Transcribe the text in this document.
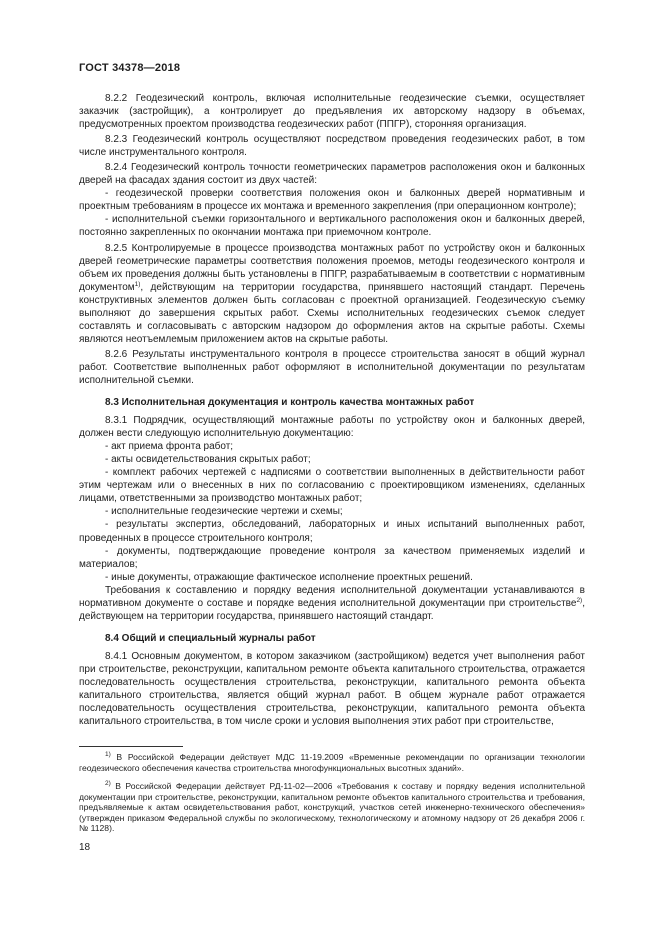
ГОСТ 34378—2018

8.2.2 Геодезический контроль, включая исполнительные геодезические съемки, осуществляет заказчик (застройщик), а контролирует до предъявления их авторскому надзору в объемах, предусмотренных проектом производства геодезических работ (ППГР), сторонняя организация.

8.2.3 Геодезический контроль осуществляют посредством проведения геодезических работ, в том числе инструментального контроля.

8.2.4 Геодезический контроль точности геометрических параметров расположения окон и балконных дверей на фасадах здания состоит из двух частей:

- геодезической проверки соответствия положения окон и балконных дверей нормативным и проектным требованиям в процессе их монтажа и временного закрепления (при операционном контроле);

- исполнительной съемки горизонтального и вертикального расположения окон и балконных дверей, постоянно закрепленных по окончании монтажа при приемочном контроле.

8.2.5 Контролируемые в процессе производства монтажных работ по устройству окон и балконных дверей геометрические параметры соответствия положения проемов, методы геодезического контроля и объем их проведения должны быть установлены в ППГР, разрабатываемым в соответствии с нормативным документом$^{1)}$, действующим на территории государства, принявшего настоящий стандарт. Перечень конструктивных элементов должен быть согласован с проектной организацией. Геодезическую съемку выполняют до завершения скрытых работ. Схемы исполнительных геодезических съемок следует составлять и согласовывать с авторским надзором до оформления актов на скрытые работы. Схемы являются неотъемлемым приложением актов на скрытые работы.

8.2.6 Результаты инструментального контроля в процессе строительства заносят в общий журнал работ. Соответствие выполненных работ оформляют в исполнительной документации по результатам исполнительной съемки.

8.3 Исполнительная документация и контроль качества монтажных работ

8.3.1 Подрядчик, осуществляющий монтажные работы по устройству окон и балконных дверей, должен вести следующую исполнительную документацию:

- акт приема фронта работ;

- акты освидетельствования скрытых работ;

- комплект рабочих чертежей с надписями о соответствии выполненных в действительности работ этим чертежам или о внесенных в них по согласованию с проектировщиком изменениях, сделанных лицами, ответственными за производство монтажных работ;

- исполнительные геодезические чертежи и схемы;

- результаты экспертиз, обследований, лабораторных и иных испытаний выполненных работ, проведенных в процессе строительного контроля;

- документы, подтверждающие проведение контроля за качеством применяемых изделий и материалов;

- иные документы, отражающие фактическое исполнение проектных решений.

Требования к составлению и порядку ведения исполнительной документации устанавливаются в нормативном документе о составе и порядке ведения исполнительной документации при строительстве$^{2)}$, действующем на территории государства, принявшего настоящий стандарт.

8.4 Общий и специальный журналы работ

8.4.1 Основным документом, в котором заказчиком (застройщиком) ведется учет выполнения работ при строительстве, реконструкции, капитальном ремонте объекта капитального строительства, отражается последовательность осуществления строительства, реконструкции, капитального ремонта объекта капитального строительства, является общий журнал работ. В общем журнале работ отражается последовательность осуществления строительства, реконструкции, капитального ремонта объекта капитального строительства, в том числе сроки и условия выполнения этих работ при строительстве,

$^{1)}$ В Российской Федерации действует МДС 11-19.2009 «Временные рекомендации по организации технологии геодезического обеспечения качества строительства многофункциональных высотных зданий».

$^{2)}$ В Российской Федерации действует РД-11-02—2006 «Требования к составу и порядку ведения исполнительной документации при строительстве, реконструкции, капитальном ремонте объектов капитального строительства и требования, предъявляемые к актам освидетельствования работ, конструкций, участков сетей инженерно-технического обеспечения» (утвержден приказом Федеральной службы по экологическому, технологическому и атомному надзору от 26 декабря 2006 г. № 1128).

18
